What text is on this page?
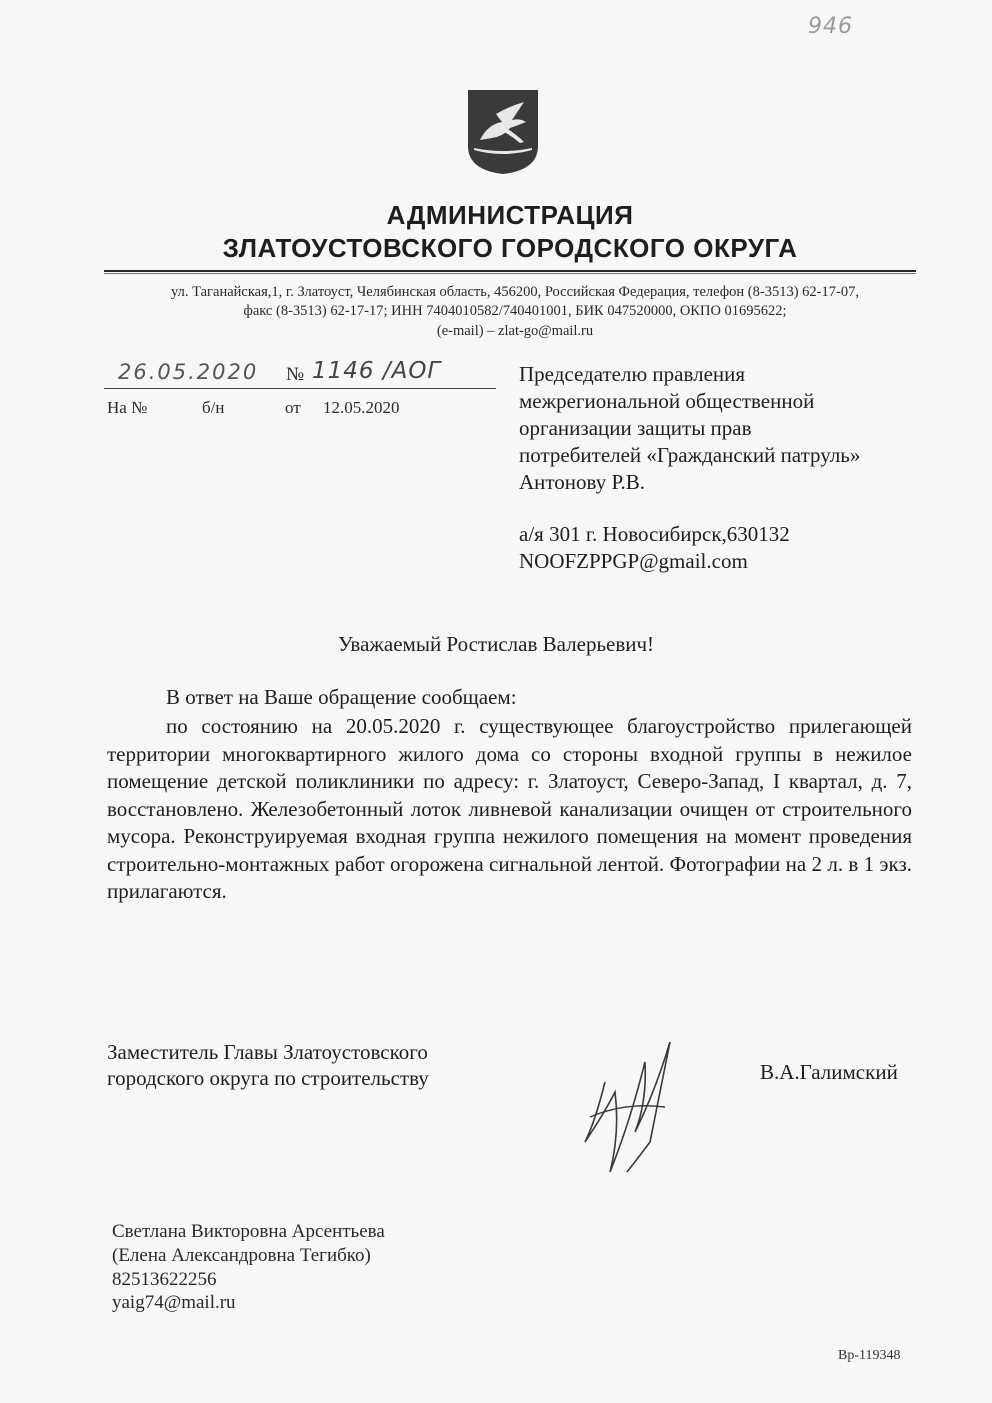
946
АДМИНИСТРАЦИЯ
ЗЛАТОУСТОВСКОГО ГОРОДСКОГО ОКРУГА
ул. Таганайская,1, г. Златоуст, Челябинская область, 456200, Российская Федерация, телефон (8-3513) 62-17-07,
факс (8-3513) 62-17-17; ИНН 7404010582/740401001, БИК 047520000, ОКПО 01695622;
(e-mail) – zlat-go@mail.ru
26.05.2020 № 1146 /АОГ
На №	б/н	от 12.05.2020
Председателю правления
межрегиональной общественной
организации защиты прав
потребителей «Гражданский патруль»
Антонову Р.В.
а/я 301 г. Новосибирск,630132
NOOFZPPGP@gmail.com
Уважаемый Ростислав Валерьевич!
В ответ на Ваше обращение сообщаем:
по состоянию на 20.05.2020 г. существующее благоустройство прилегающей территории многоквартирного жилого дома со стороны входной группы в нежилое помещение детской поликлиники по адресу: г. Златоуст, Северо-Запад, I квартал, д. 7, восстановлено. Железобетонный лоток ливневой канализации очищен от строительного мусора. Реконструируемая входная группа нежилого помещения на момент проведения строительно-монтажных работ огорожена сигнальной лентой. Фотографии на 2 л. в 1 экз. прилагаются.
Заместитель Главы Златоустовского
городского округа по строительству	В.А.Галимский
Светлана Викторовна Арсентьева
(Елена Александровна Тегибко)
82513622256
yaig74@mail.ru
Вр-119348
